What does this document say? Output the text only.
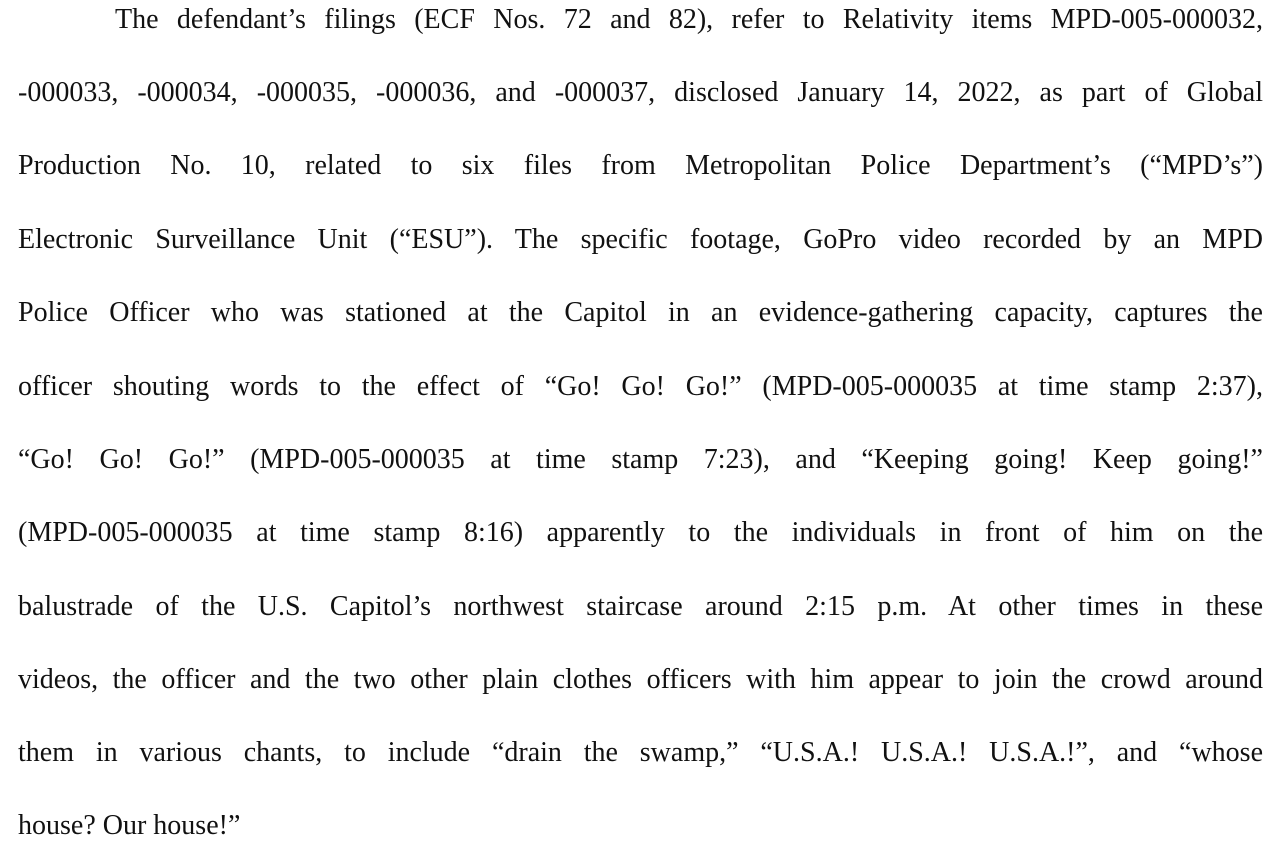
The defendant’s filings (ECF Nos. 72 and 82), refer to Relativity items MPD-005-000032,
-000033, -000034, -000035, -000036, and -000037, disclosed January 14, 2022, as part of Global
Production No. 10, related to six files from Metropolitan Police Department’s (“MPD’s”)
Electronic Surveillance Unit (“ESU”). The specific footage, GoPro video recorded by an MPD
Police Officer who was stationed at the Capitol in an evidence-gathering capacity, captures the
officer shouting words to the effect of “Go! Go! Go!” (MPD-005-000035 at time stamp 2:37),
“Go! Go! Go!” (MPD-005-000035 at time stamp 7:23), and “Keeping going! Keep going!”
(MPD-005-000035 at time stamp 8:16) apparently to the individuals in front of him on the
balustrade of the U.S. Capitol’s northwest staircase around 2:15 p.m. At other times in these
videos, the officer and the two other plain clothes officers with him appear to join the crowd around
them in various chants, to include “drain the swamp,” “U.S.A.! U.S.A.! U.S.A.!”, and “whose
house? Our house!”
